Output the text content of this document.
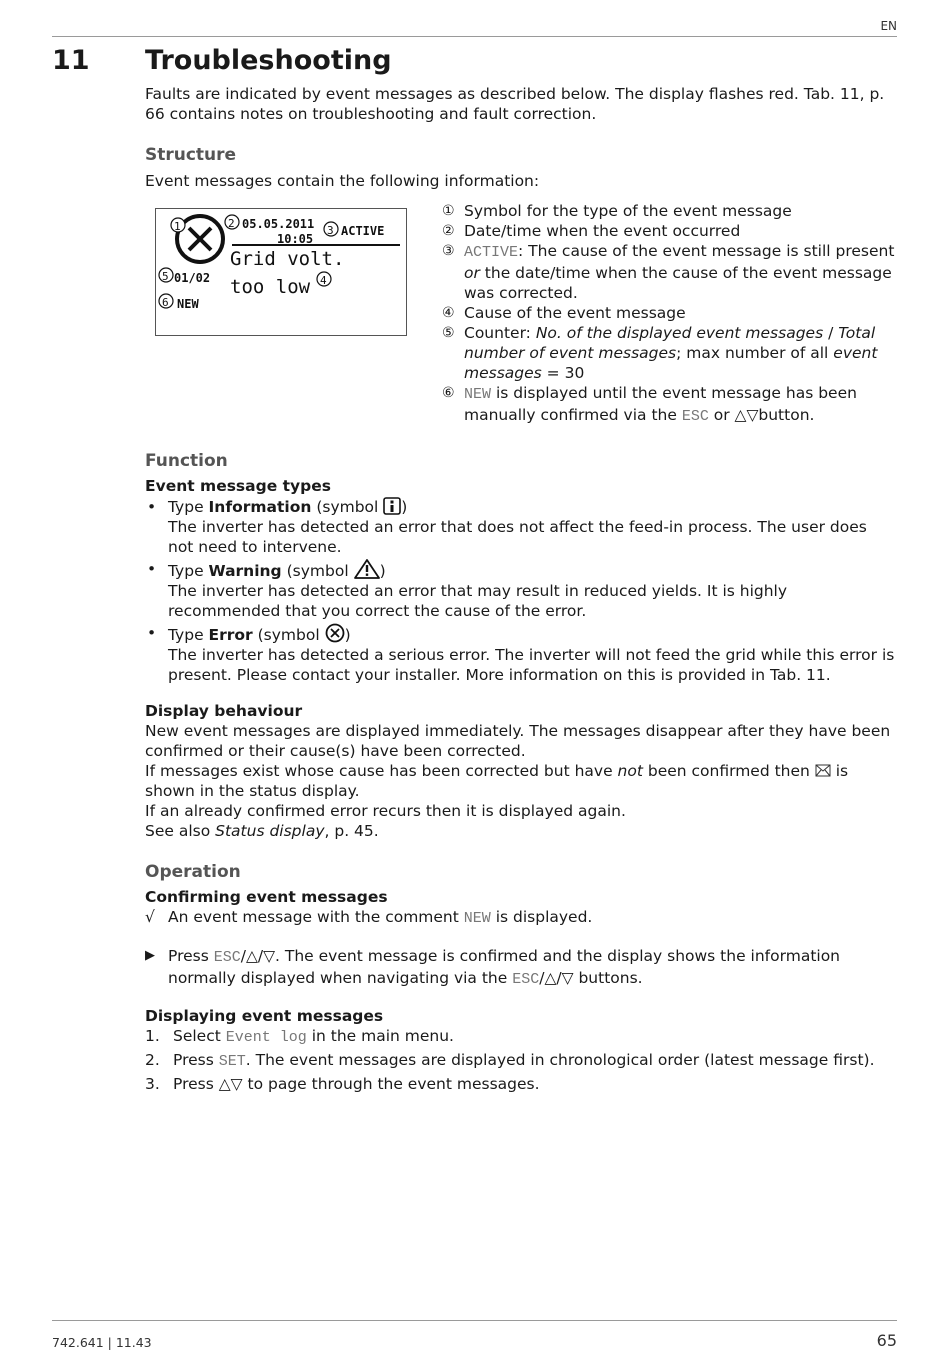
EN
11 Troubleshooting

Faults are indicated by event messages as described below. The display flashes red. Tab. 11, p. 66 contains notes on troubleshooting and fault correction.

Structure

Event messages contain the following information:

1	2
3
4
5
6
05.05.2011
10:05
ACTIVE
Grid volt.
too low
01/02
NEW
① Symbol for the type of the event message
② Date/time when the event occurred
③ ACTIVE: The cause of the event message is still present or the date/time when the cause of the event message was corrected.
④ Cause of the event message
⑤ Counter: No. of the displayed event messages / Total number of event messages; max number of all event messages = 30
⑥ NEW is displayed until the event message has been manually confirmed via the ESC or △▽button.
Function
Event message types
• Type Information (symbol )
The inverter has detected an error that does not affect the feed-in process. The user does not need to intervene.
• Type Warning (symbol )
The inverter has detected an error that may result in reduced yields. It is highly recommended that you correct the cause of the error.
• Type Error (symbol )
The inverter has detected a serious error. The inverter will not feed the grid while this error is present. Please contact your installer. More information on this is provided in Tab. 11.
Display behaviour

New event messages are displayed immediately. The messages disappear after they have been confirmed or their cause(s) have been corrected.

If messages exist whose cause has been corrected but have not been confirmed then  is shown in the status display.

If an already confirmed error recurs then it is displayed again.

See also Status display, p. 45.

Operation
Confirming event messages
√ An event message with the comment NEW is displayed.
▶ Press ESC/△/▽. The event message is confirmed and the display shows the information normally displayed when navigating via the ESC/△/▽ buttons.
Displaying event messages
1. Select Event log in the main menu.
2. Press SET. The event messages are displayed in chronological order (latest message first).
3. Press △▽ to page through the event messages.
742.641 | 11.43	65
